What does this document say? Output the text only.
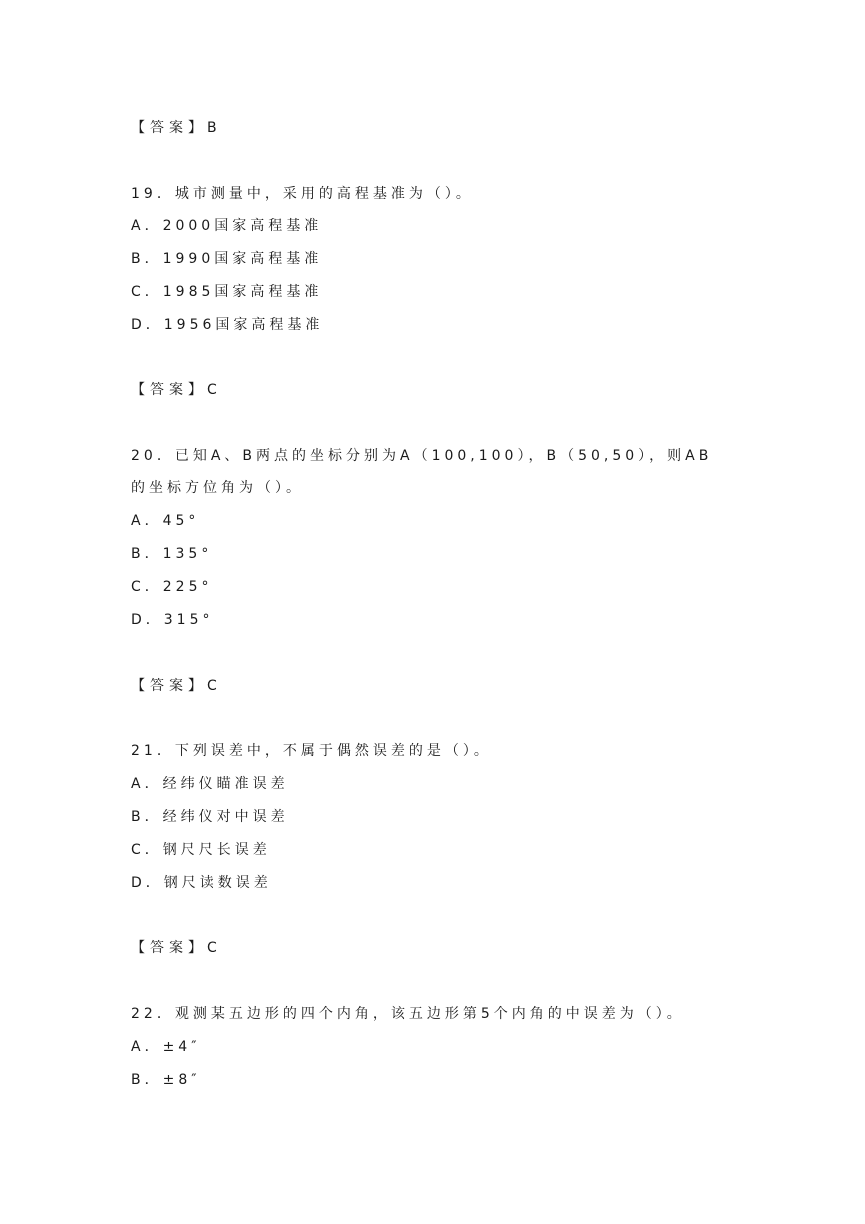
【答案】B
19．城市测量中，采用的高程基准为（）。
A．2000国家高程基准
B．1990国家高程基准
C．1985国家高程基准
D．1956国家高程基准
【答案】C
20．已知A、B两点的坐标分别为A（100,100），B（50,50），则AB
的坐标方位角为（）。
A．45°
B．135°
C．225°
D．315°
【答案】C
21．下列误差中，不属于偶然误差的是（）。
A．经纬仪瞄准误差
B．经纬仪对中误差
C．钢尺尺长误差
D．钢尺读数误差
【答案】C
22．观测某五边形的四个内角，该五边形第5个内角的中误差为（）。
A．±4″
B．±8″
